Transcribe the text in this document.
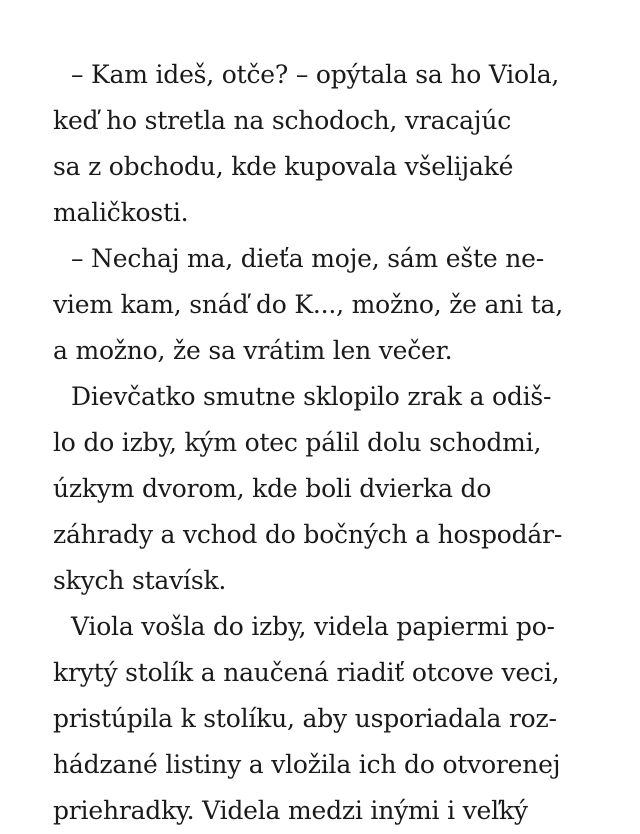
– Kam ideš, otče? – opýtala sa ho Viola,
keď ho stretla na schodoch, vracajúc
sa z obchodu, kde kupovala všelijaké
maličkosti.
– Nechaj ma, dieťa moje, sám ešte ne-
viem kam, snáď do K..., možno, že ani ta,
a možno, že sa vrátim len večer.
Dievčatko smutne sklopilo zrak a odiš-
lo do izby, kým otec pálil dolu schodmi,
úzkym dvorom, kde boli dvierka do
záhrady a vchod do bočných a hospodár-
skych stavísk.
Viola vošla do izby, videla papiermi po-
krytý stolík a naučená riadiť otcove veci,
pristúpila k stolíku, aby usporiadala roz-
hádzané listiny a vložila ich do otvorenej
priehradky. Videla medzi inými i veľký
